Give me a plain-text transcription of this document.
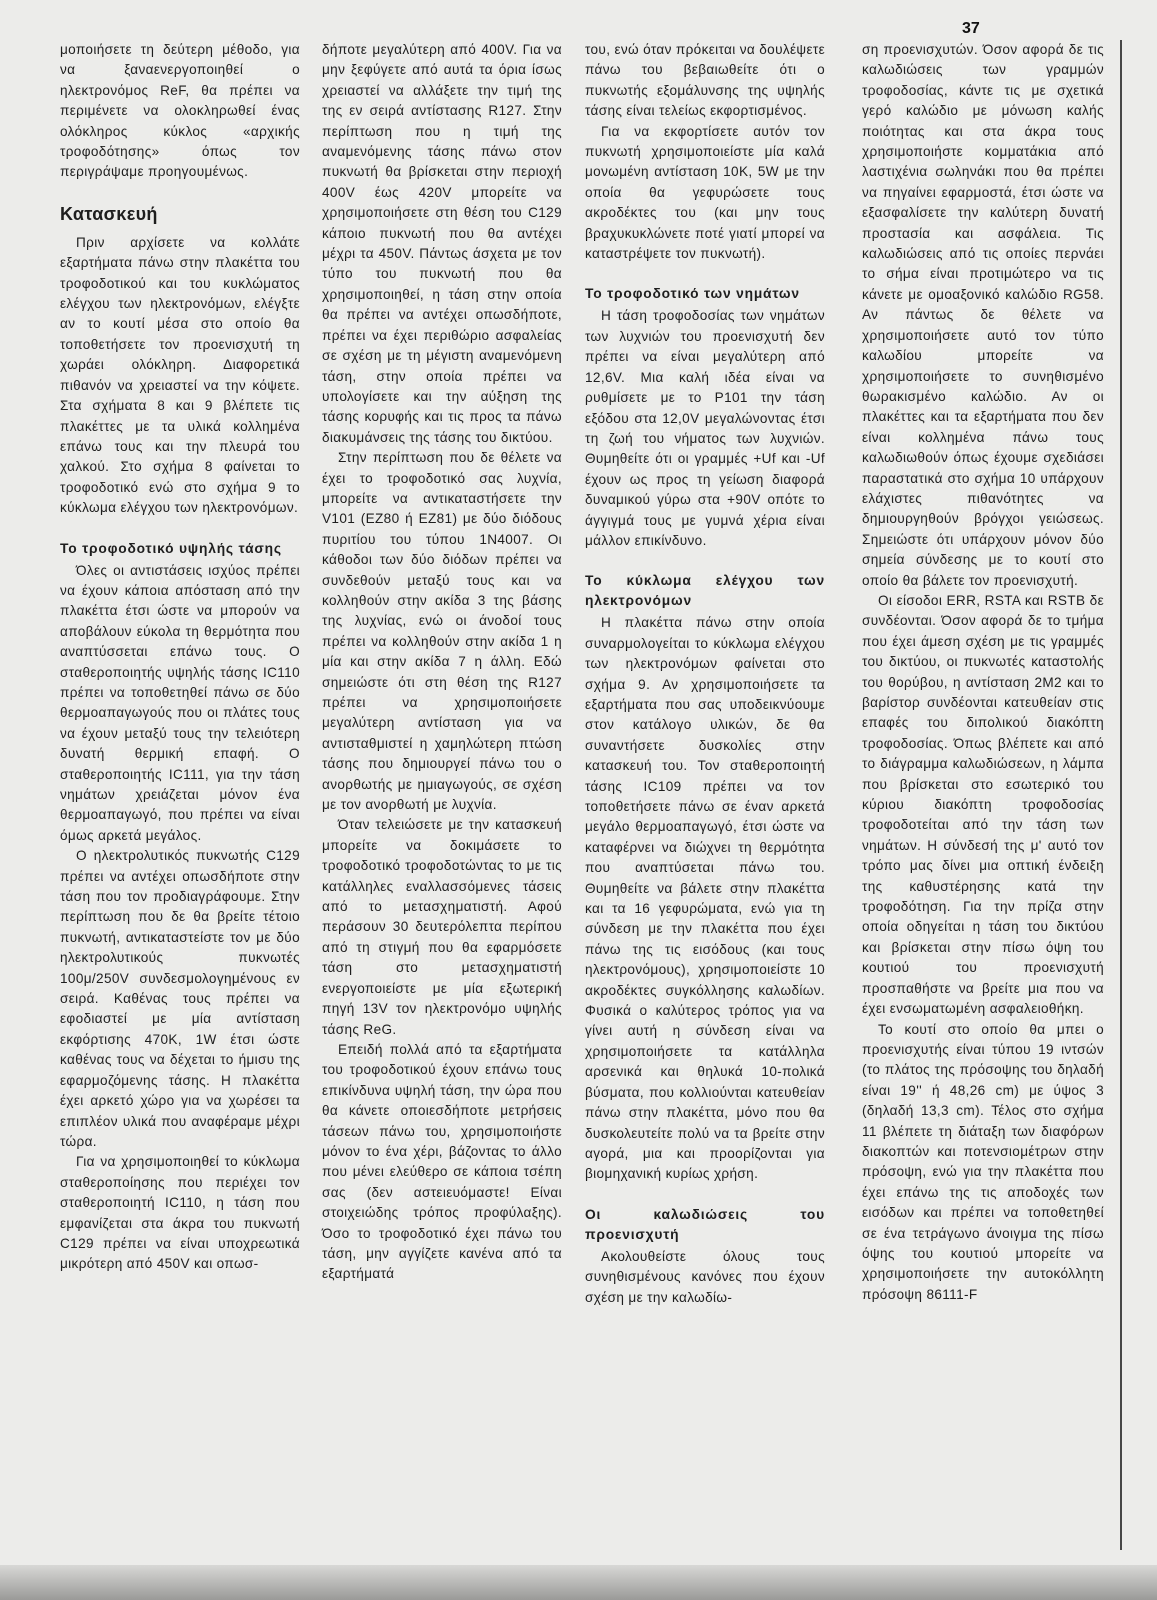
37

μοποιήσετε τη δεύτερη μέθοδο, για να ξαναενεργοποιηθεί ο ηλεκτρονόμος ReF, θα πρέπει να περιμένετε να ολοκληρωθεί ένας ολόκληρος κύκλος «αρχικής τροφοδότησης» όπως τον περιγράψαμε προηγουμένως.

Κατασκευή

Πριν αρχίσετε να κολλάτε εξαρτήματα πάνω στην πλακέττα του τροφοδοτικού και του κυκλώματος ελέγχου των ηλεκτρονόμων, ελέγξτε αν το κουτί μέσα στο οποίο θα τοποθετήσετε τον προενισχυτή τη χωράει ολόκληρη. Διαφορετικά πιθανόν να χρειαστεί να την κόψετε. Στα σχήματα 8 και 9 βλέπετε τις πλακέττες με τα υλικά κολλημένα επάνω τους και την πλευρά του χαλκού. Στο σχήμα 8 φαίνεται το τροφοδοτικό ενώ στο σχήμα 9 το κύκλωμα ελέγχου των ηλεκτρονόμων.

Το τροφοδοτικό υψηλής τάσης

Όλες οι αντιστάσεις ισχύος πρέπει να έχουν κάποια απόσταση από την πλακέττα έτσι ώστε να μπορούν να αποβάλουν εύκολα τη θερμότητα που αναπτύσσεται επάνω τους. Ο σταθεροποιητής υψηλής τάσης IC110 πρέπει να τοποθετηθεί πάνω σε δύο θερμοαπαγωγούς που οι πλάτες τους να έχουν μεταξύ τους την τελειότερη δυνατή θερμική επαφή. Ο σταθεροποιητής IC111, για την τάση νημάτων χρειάζεται μόνον ένα θερμοαπαγωγό, που πρέπει να είναι όμως αρκετά μεγάλος.

Ο ηλεκτρολυτικός πυκνωτής C129 πρέπει να αντέχει οπωσδήποτε στην τάση που τον προδιαγράφουμε. Στην περίπτωση που δε θα βρείτε τέτοιο πυκνωτή, αντικαταστείστε τον με δύο ηλεκτρολυτικούς πυκνωτές 100μ/250V συνδεσμολογημένους εν σειρά. Καθένας τους πρέπει να εφοδιαστεί με μία αντίσταση εκφόρτισης 470K, 1W έτσι ώστε καθένας τους να δέχεται το ήμισυ της εφαρμοζόμενης τάσης. Η πλακέττα έχει αρκετό χώρο για να χωρέσει τα επιπλέον υλικά που αναφέραμε μέχρι τώρα.

Για να χρησιμοποιηθεί το κύκλωμα σταθεροποίησης που περιέχει τον σταθεροποιητή IC110, η τάση που εμφανίζεται στα άκρα του πυκνωτή C129 πρέπει να είναι υποχρεωτικά μικρότερη από 450V και οπωσ-

δήποτε μεγαλύτερη από 400V. Για να μην ξεφύγετε από αυτά τα όρια ίσως χρειαστεί να αλλάξετε την τιμή της της εν σειρά αντίστασης R127. Στην περίπτωση που η τιμή της αναμενόμενης τάσης πάνω στον πυκνωτή θα βρίσκεται στην περιοχή 400V έως 420V μπορείτε να χρησιμοποιήσετε στη θέση του C129 κάποιο πυκνωτή που θα αντέχει μέχρι τα 450V. Πάντως άσχετα με τον τύπο του πυκνωτή που θα χρησιμοποιηθεί, η τάση στην οποία θα πρέπει να αντέχει οπωσδήποτε, πρέπει να έχει περιθώριο ασφαλείας σε σχέση με τη μέγιστη αναμενόμενη τάση, στην οποία πρέπει να υπολογίσετε και την αύξηση της τάσης κορυφής και τις προς τα πάνω διακυμάνσεις της τάσης του δικτύου.

Στην περίπτωση που δε θέλετε να έχει το τροφοδοτικό σας λυχνία, μπορείτε να αντικαταστήσετε την V101 (EZ80 ή EZ81) με δύο διόδους πυριτίου του τύπου 1N4007. Οι κάθοδοι των δύο διόδων πρέπει να συνδεθούν μεταξύ τους και να κολληθούν στην ακίδα 3 της βάσης της λυχνίας, ενώ οι άνοδοί τους πρέπει να κολληθούν στην ακίδα 1 η μία και στην ακίδα 7 η άλλη. Εδώ σημειώστε ότι στη θέση της R127 πρέπει να χρησιμοποιήσετε μεγαλύτερη αντίσταση για να αντισταθμιστεί η χαμηλώτερη πτώση τάσης που δημιουργεί πάνω του ο ανορθωτής με ημιαγωγούς, σε σχέση με τον ανορθωτή με λυχνία.

Όταν τελειώσετε με την κατασκευή μπορείτε να δοκιμάσετε το τροφοδοτικό τροφοδοτώντας το με τις κατάλληλες εναλλασσόμενες τάσεις από το μετασχηματιστή. Αφού περάσουν 30 δευτερόλεπτα περίπου από τη στιγμή που θα εφαρμόσετε τάση στο μετασχηματιστή ενεργοποιείστε με μία εξωτερική πηγή 13V τον ηλεκτρονόμο υψηλής τάσης ReG.

Επειδή πολλά από τα εξαρτήματα του τροφοδοτικού έχουν επάνω τους επικίνδυνα υψηλή τάση, την ώρα που θα κάνετε οποιεσδήποτε μετρήσεις τάσεων πάνω του, χρησιμοποιήστε μόνον το ένα χέρι, βάζοντας το άλλο που μένει ελεύθερο σε κάποια τσέπη σας (δεν αστειευόμαστε! Είναι στοιχειώδης τρόπος προφύλαξης). Όσο το τροφοδοτικό έχει πάνω του τάση, μην αγγίζετε κανένα από τα εξαρτήματά

του, ενώ όταν πρόκειται να δουλέψετε πάνω του βεβαιωθείτε ότι ο πυκνωτής εξομάλυνσης της υψηλής τάσης είναι τελείως εκφορτισμένος.

Για να εκφορτίσετε αυτόν τον πυκνωτή χρησιμοποιείστε μία καλά μονωμένη αντίσταση 10K, 5W με την οποία θα γεφυρώσετε τους ακροδέκτες του (και μην τους βραχυκυκλώνετε ποτέ γιατί μπορεί να καταστρέψετε τον πυκνωτή).

Το τροφοδοτικό των νημάτων

Η τάση τροφοδοσίας των νημάτων των λυχνιών του προενισχυτή δεν πρέπει να είναι μεγαλύτερη από 12,6V. Μια καλή ιδέα είναι να ρυθμίσετε με το P101 την τάση εξόδου στα 12,0V μεγαλώνοντας έτσι τη ζωή του νήματος των λυχνιών. Θυμηθείτε ότι οι γραμμές +Uf και -Uf έχουν ως προς τη γείωση διαφορά δυναμικού γύρω στα +90V οπότε το άγγιγμά τους με γυμνά χέρια είναι μάλλον επικίνδυνο.

Το κύκλωμα ελέγχου των ηλεκτρονόμων

Η πλακέττα πάνω στην οποία συναρμολογείται το κύκλωμα ελέγχου των ηλεκτρονόμων φαίνεται στο σχήμα 9. Αν χρησιμοποιήσετε τα εξαρτήματα που σας υποδεικνύουμε στον κατάλογο υλικών, δε θα συναντήσετε δυσκολίες στην κατασκευή του. Τον σταθεροποιητή τάσης IC109 πρέπει να τον τοποθετήσετε πάνω σε έναν αρκετά μεγάλο θερμοαπαγωγό, έτσι ώστε να καταφέρνει να διώχνει τη θερμότητα που αναπτύσεται πάνω του. Θυμηθείτε να βάλετε στην πλακέττα και τα 16 γεφυρώματα, ενώ για τη σύνδεση με την πλακέττα που έχει πάνω της τις εισόδους (και τους ηλεκτρονόμους), χρησιμοποιείστε 10 ακροδέκτες συγκόλλησης καλωδίων. Φυσικά ο καλύτερος τρόπος για να γίνει αυτή η σύνδεση είναι να χρησιμοποιήσετε τα κατάλληλα αρσενικά και θηλυκά 10-πολικά βύσματα, που κολλιούνται κατευθείαν πάνω στην πλακέττα, μόνο που θα δυσκολευτείτε πολύ να τα βρείτε στην αγορά, μια και προορίζονται για βιομηχανική κυρίως χρήση.

Οι καλωδιώσεις του προενισχυτή

Ακολουθείστε όλους τους συνηθισμένους κανόνες που έχουν σχέση με την καλωδίω-

ση προενισχυτών. Όσον αφορά δε τις καλωδιώσεις των γραμμών τροφοδοσίας, κάντε τις με σχετικά γερό καλώδιο με μόνωση καλής ποιότητας και στα άκρα τους χρησιμοποιήστε κομματάκια από λαστιχένια σωληνάκι που θα πρέπει να πηγαίνει εφαρμοστά, έτσι ώστε να εξασφαλίσετε την καλύτερη δυνατή προστασία και ασφάλεια. Τις καλωδιώσεις από τις οποίες περνάει το σήμα είναι προτιμώτερο να τις κάνετε με ομοαξονικό καλώδιο RG58. Αν πάντως δε θέλετε να χρησιμοποιήσετε αυτό τον τύπο καλωδίου μπορείτε να χρησιμοποιήσετε το συνηθισμένο θωρακισμένο καλώδιο. Αν οι πλακέττες και τα εξαρτήματα που δεν είναι κολλημένα πάνω τους καλωδιωθούν όπως έχουμε σχεδιάσει παραστατικά στο σχήμα 10 υπάρχουν ελάχιστες πιθανότητες να δημιουργηθούν βρόγχοι γειώσεως. Σημειώστε ότι υπάρχουν μόνον δύο σημεία σύνδεσης με το κουτί στο οποίο θα βάλετε τον προενισχυτή.

Οι είσοδοι ERR, RSTA και RSTB δε συνδέονται. Όσον αφορά δε το τμήμα που έχει άμεση σχέση με τις γραμμές του δικτύου, οι πυκνωτές καταστολής του θορύβου, η αντίσταση 2M2 και το βαρίστορ συνδέονται κατευθείαν στις επαφές του διπολικού διακόπτη τροφοδοσίας. Όπως βλέπετε και από το διάγραμμα καλωδιώσεων, η λάμπα που βρίσκεται στο εσωτερικό του κύριου διακόπτη τροφοδοσίας τροφοδοτείται από την τάση των νημάτων. Η σύνδεσή της μ' αυτό τον τρόπο μας δίνει μια οπτική ένδειξη της καθυστέρησης κατά την τροφοδότηση. Για την πρίζα στην οποία οδηγείται η τάση του δικτύου και βρίσκεται στην πίσω όψη του κουτιού του προενισχυτή προσπαθήστε να βρείτε μια που να έχει ενσωματωμένη ασφαλειοθήκη.

Το κουτί στο οποίο θα μπει ο προενισχυτής είναι τύπου 19 ιντσών (το πλάτος της πρόσοψης του δηλαδή είναι 19'' ή 48,26 cm) με ύψος 3 (δηλαδή 13,3 cm). Τέλος στο σχήμα 11 βλέπετε τη διάταξη των διαφόρων διακοπτών και ποτενσιομέτρων στην πρόσοψη, ενώ για την πλακέττα που έχει επάνω της τις αποδοχές των εισόδων και πρέπει να τοποθετηθεί σε ένα τετράγωνο άνοιγμα της πίσω όψης του κουτιού μπορείτε να χρησιμοποιήσετε την αυτοκόλλητη πρόσοψη 86111-F
